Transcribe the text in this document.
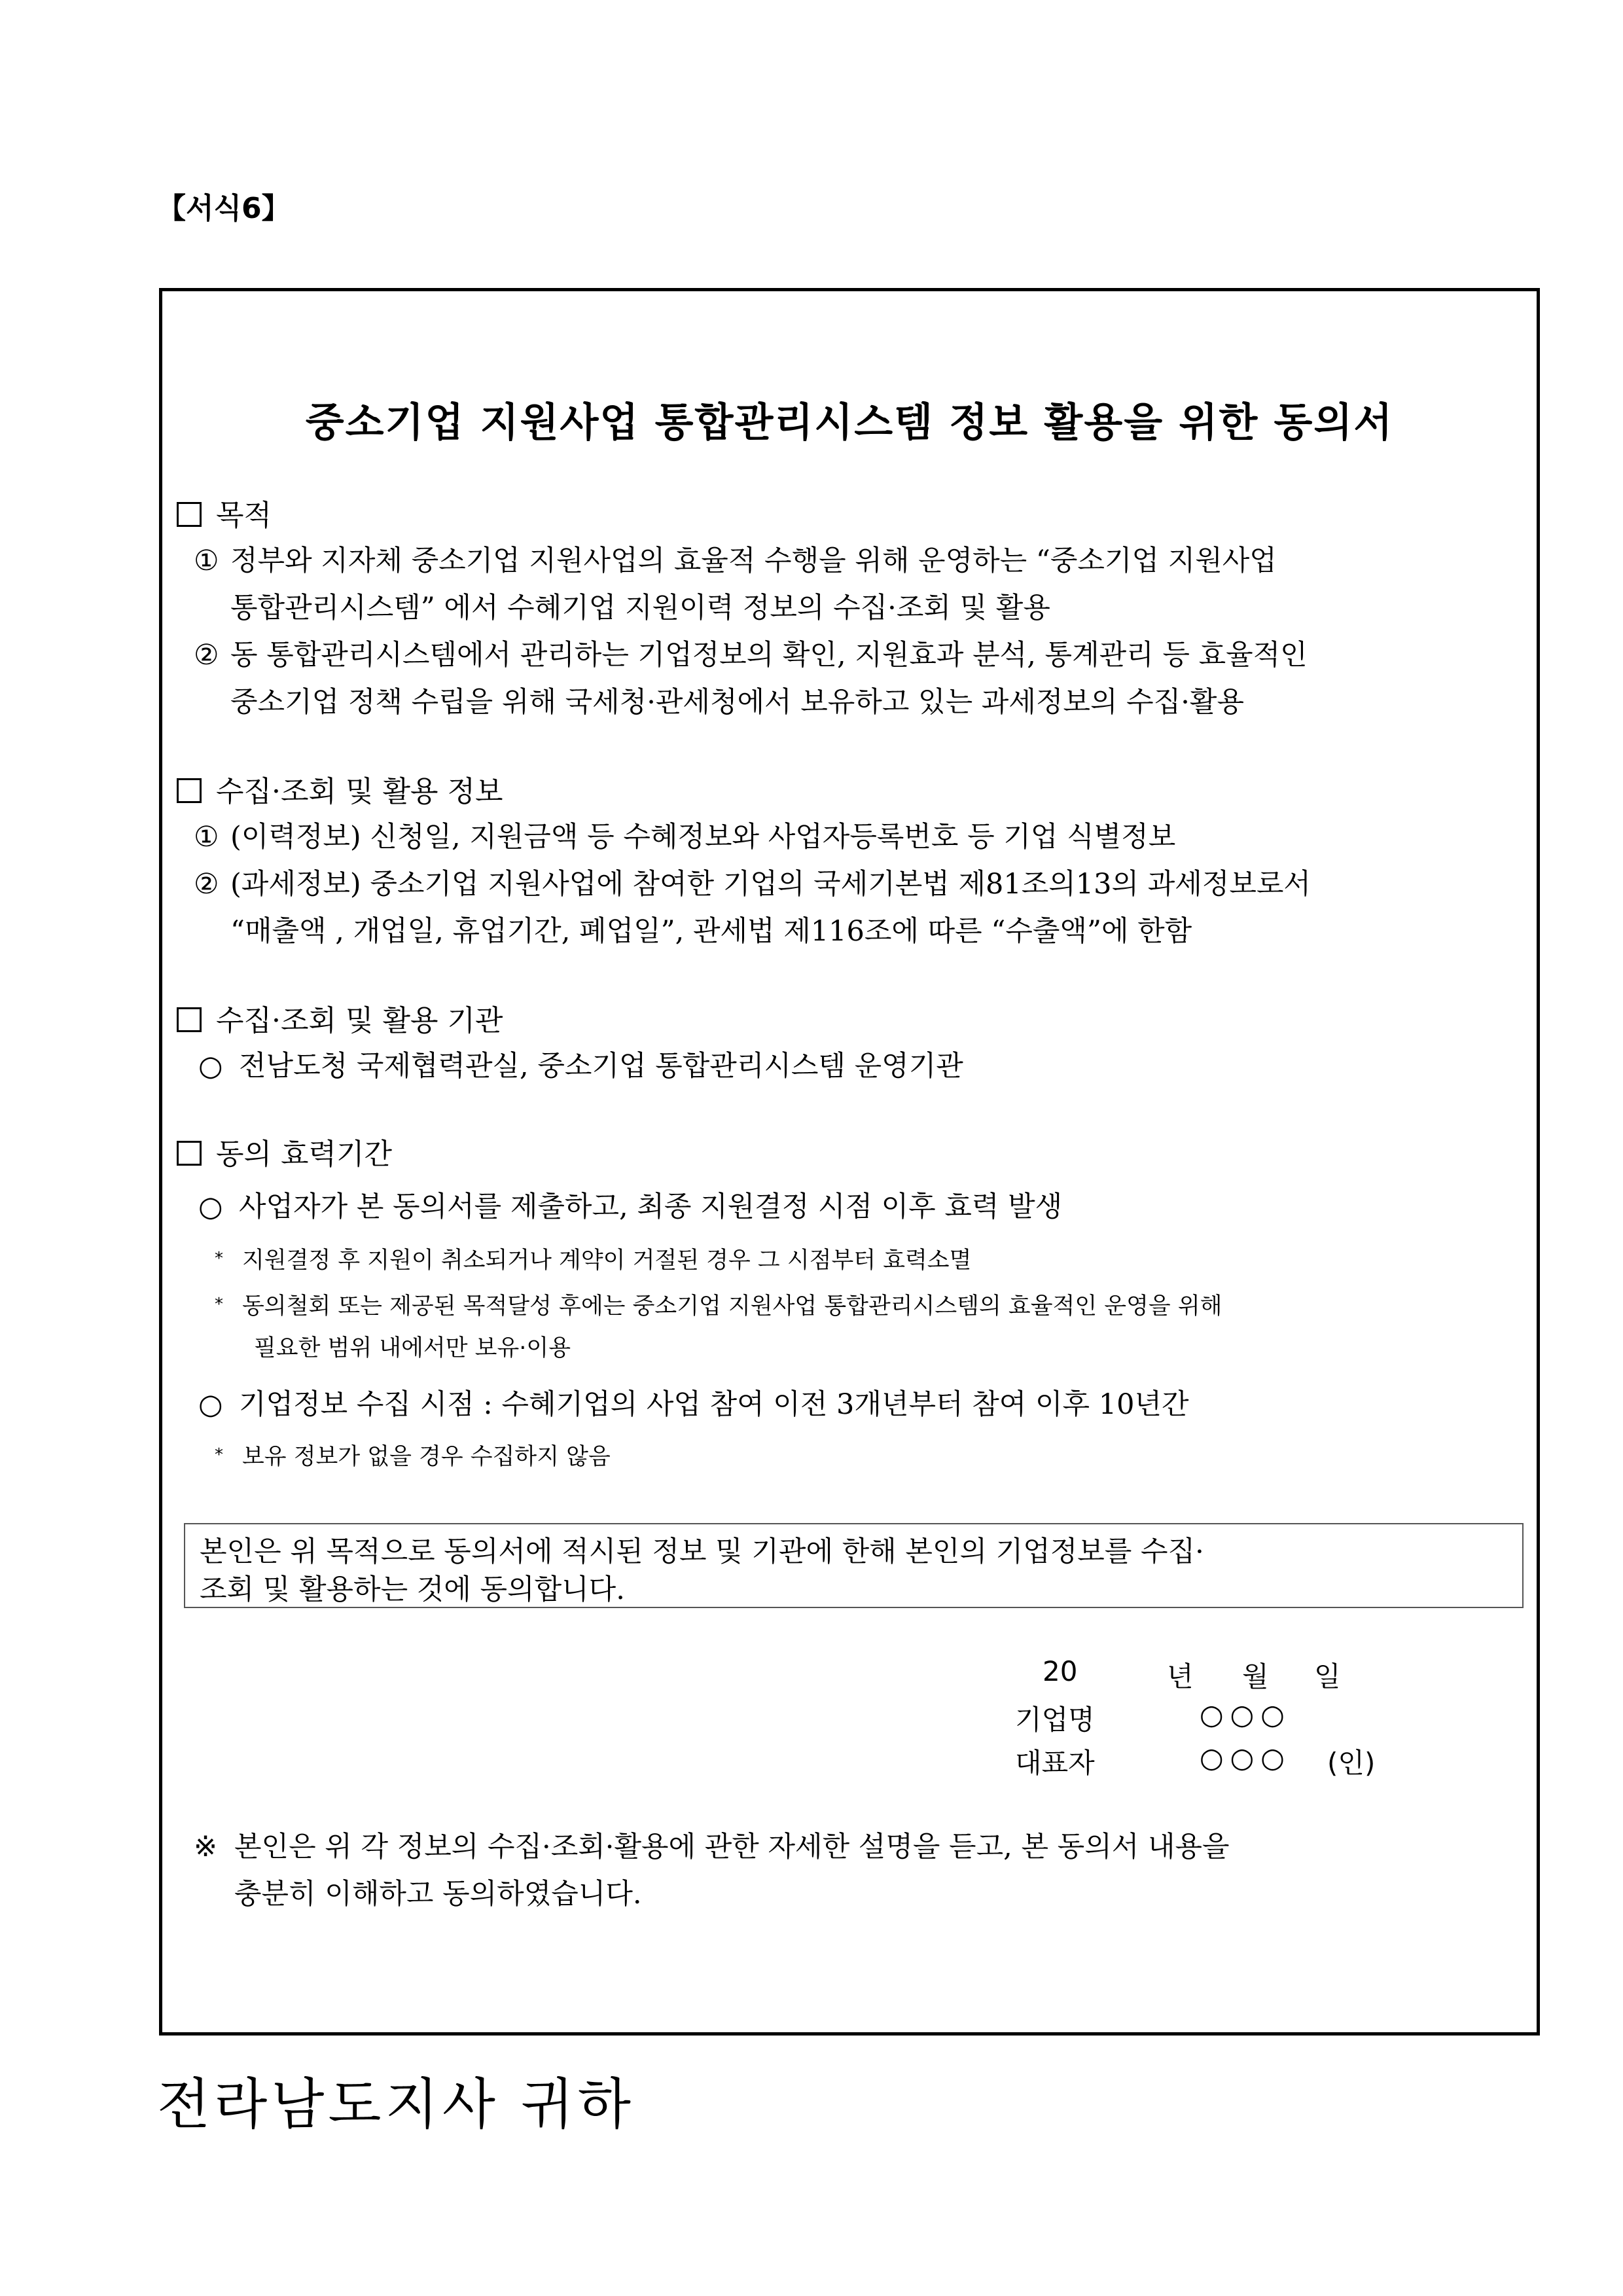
【서식6】
중소기업 지원사업 통합관리시스템 정보 활용을 위한 동의서
목적
① 정부와 지자체 중소기업 지원사업의 효율적 수행을 위해 운영하는 “중소기업 지원사업
통합관리시스템” 에서 수혜기업 지원이력 정보의 수집·조회 및 활용
② 동 통합관리시스템에서 관리하는 기업정보의 확인, 지원효과 분석, 통계관리 등 효율적인
중소기업 정책 수립을 위해 국세청·관세청에서 보유하고 있는 과세정보의 수집·활용
수집·조회 및 활용 정보
① (이력정보) 신청일, 지원금액 등 수혜정보와 사업자등록번호 등 기업 식별정보
② (과세정보) 중소기업 지원사업에 참여한 기업의 국세기본법 제81조의13의 과세정보로서
“매출액 , 개업일, 휴업기간, 폐업일”, 관세법 제116조에 따른 “수출액”에 한함
수집·조회 및 활용 기관
○ 전남도청 국제협력관실, 중소기업 통합관리시스템 운영기관
동의 효력기간
○ 사업자가 본 동의서를 제출하고, 최종 지원결정 시점 이후 효력 발생
* 지원결정 후 지원이 취소되거나 계약이 거절된 경우 그 시점부터 효력소멸
* 동의철회 또는 제공된 목적달성 후에는 중소기업 지원사업 통합관리시스템의 효율적인 운영을 위해
필요한 범위 내에서만 보유·이용
○ 기업정보 수집 시점 : 수혜기업의 사업 참여 이전 3개년부터 참여 이후 10년간
* 보유 정보가 없을 경우 수집하지 않음
본인은 위 목적으로 동의서에 적시된 정보 및 기관에 한해 본인의 기업정보를 수집·
조회 및 활용하는 것에 동의합니다.
20	년 월 일
기업명	○○○
대표자	○○○ (인)
※ 본인은 위 각 정보의 수집·조회·활용에 관한 자세한 설명을 듣고, 본 동의서 내용을
충분히 이해하고 동의하였습니다.
전라남도지사 귀하
